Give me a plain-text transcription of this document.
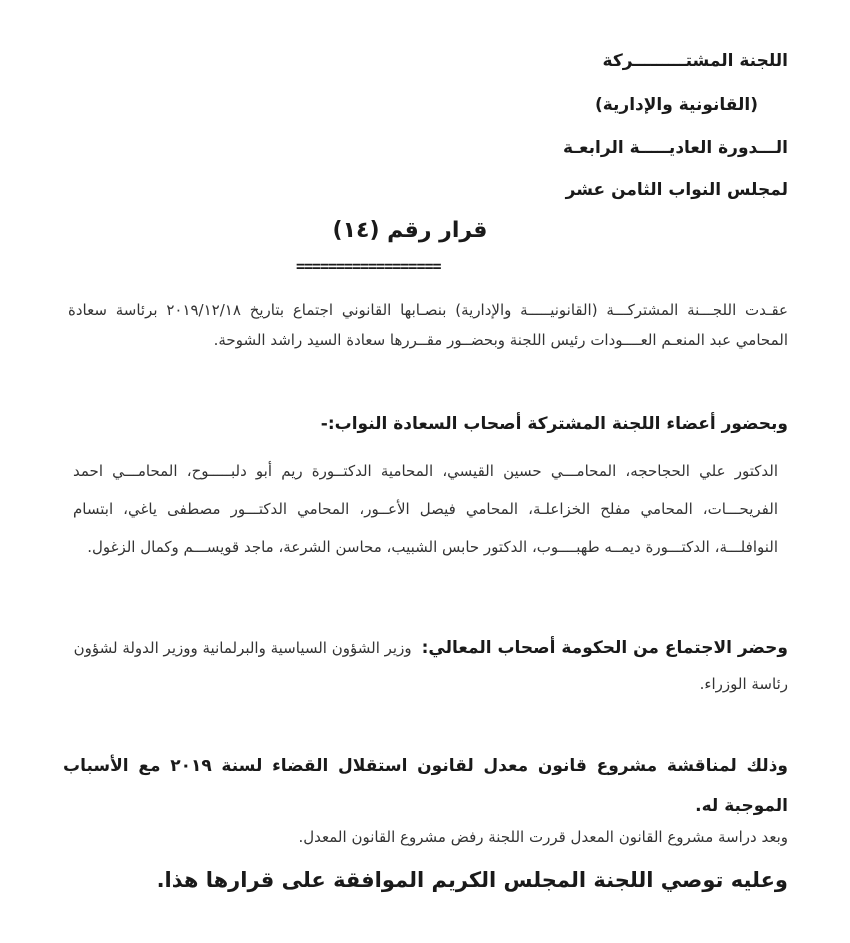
اللجنة المشتـــــــــركة
(القانونية والإدارية)
الـــدورة العاديـــــة الرابعـة
لمجلس النواب الثامن عشر
قرار رقم (١٤)
==================
عقـدت اللجـــنة المشتركـــة (القانونيـــــة والإدارية) بنصـابها القانوني اجتماع بتاريخ ٢٠١٩/١٢/١٨ برئاسة سعادة المحامي عبد المنعـم العــــودات رئيس اللجنة وبحضــور مقــررها سعادة السيد راشد الشوحة.
وبحضور أعضاء اللجنة المشتركة أصحاب السعادة النواب:-
الدكتور علي الحجاحجه، المحامـــي حسين القيسي، المحامية الدكتــورة ريم أبو دلبـــــوح، المحامـــي احمد الفريحـــات، المحامي مفلح الخزاعلـة، المحامي فيصل الأعــور، المحامي الدكتـــور مصطفى ياغي، ابتسام النوافلـــة، الدكتـــورة ديمــه طهبــــوب، الدكتور حابس الشبيب، محاسن الشرعة، ماجد قويســـم وكمال الزغول.
وحضر الاجتماع من الحكومة أصحاب المعالي:وزير الشؤون السياسية والبرلمانية ووزير الدولة لشؤون رئاسة الوزراء.
وذلك لمناقشة مشروع قانون معدل لقانون استقلال القضاء لسنة ٢٠١٩ مع الأسباب الموجبة له.
وبعد دراسة مشروع القانون المعدل قررت اللجنة رفض مشروع القانون المعدل.
وعليه توصي اللجنة المجلس الكريم الموافقة على قرارها هذا.
